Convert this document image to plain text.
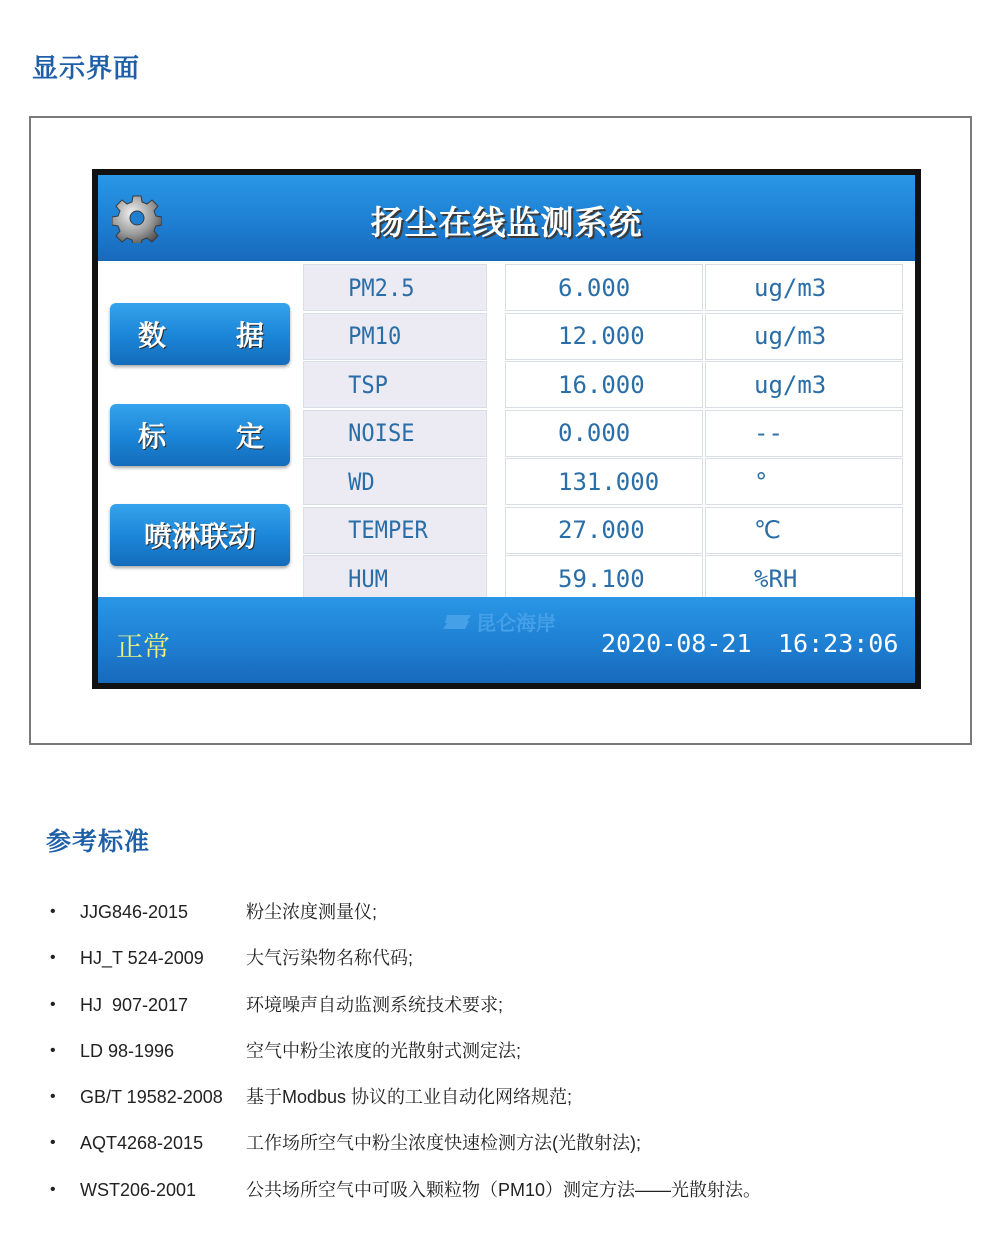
显示界面
扬尘在线监测系统
数 据
标 定
喷淋联动
PM2.5	6.000	ug/m3
PM10	12.000	ug/m3
TSP	16.000	ug/m3
NOISE	0.000	--
WD	131.000	°
TEMPER	27.000	℃
HUM	59.100	%RH
正常
昆仑海岸
2020-08-21 16:23:06
参考标准
•	JJG846-2015	粉尘浓度测量仪;
•	HJ_T 524-2009	大气污染物名称代码;
•	HJ  907-2017	环境噪声自动监测系统技术要求;
•	LD 98-1996	空气中粉尘浓度的光散射式测定法;
•	GB/T 19582-2008	基于Modbus 协议的工业自动化网络规范;
•	AQT4268-2015	工作场所空气中粉尘浓度快速检测方法(光散射法);
•	WST206-2001	公共场所空气中可吸入颗粒物（PM10）测定方法——光散射法。
